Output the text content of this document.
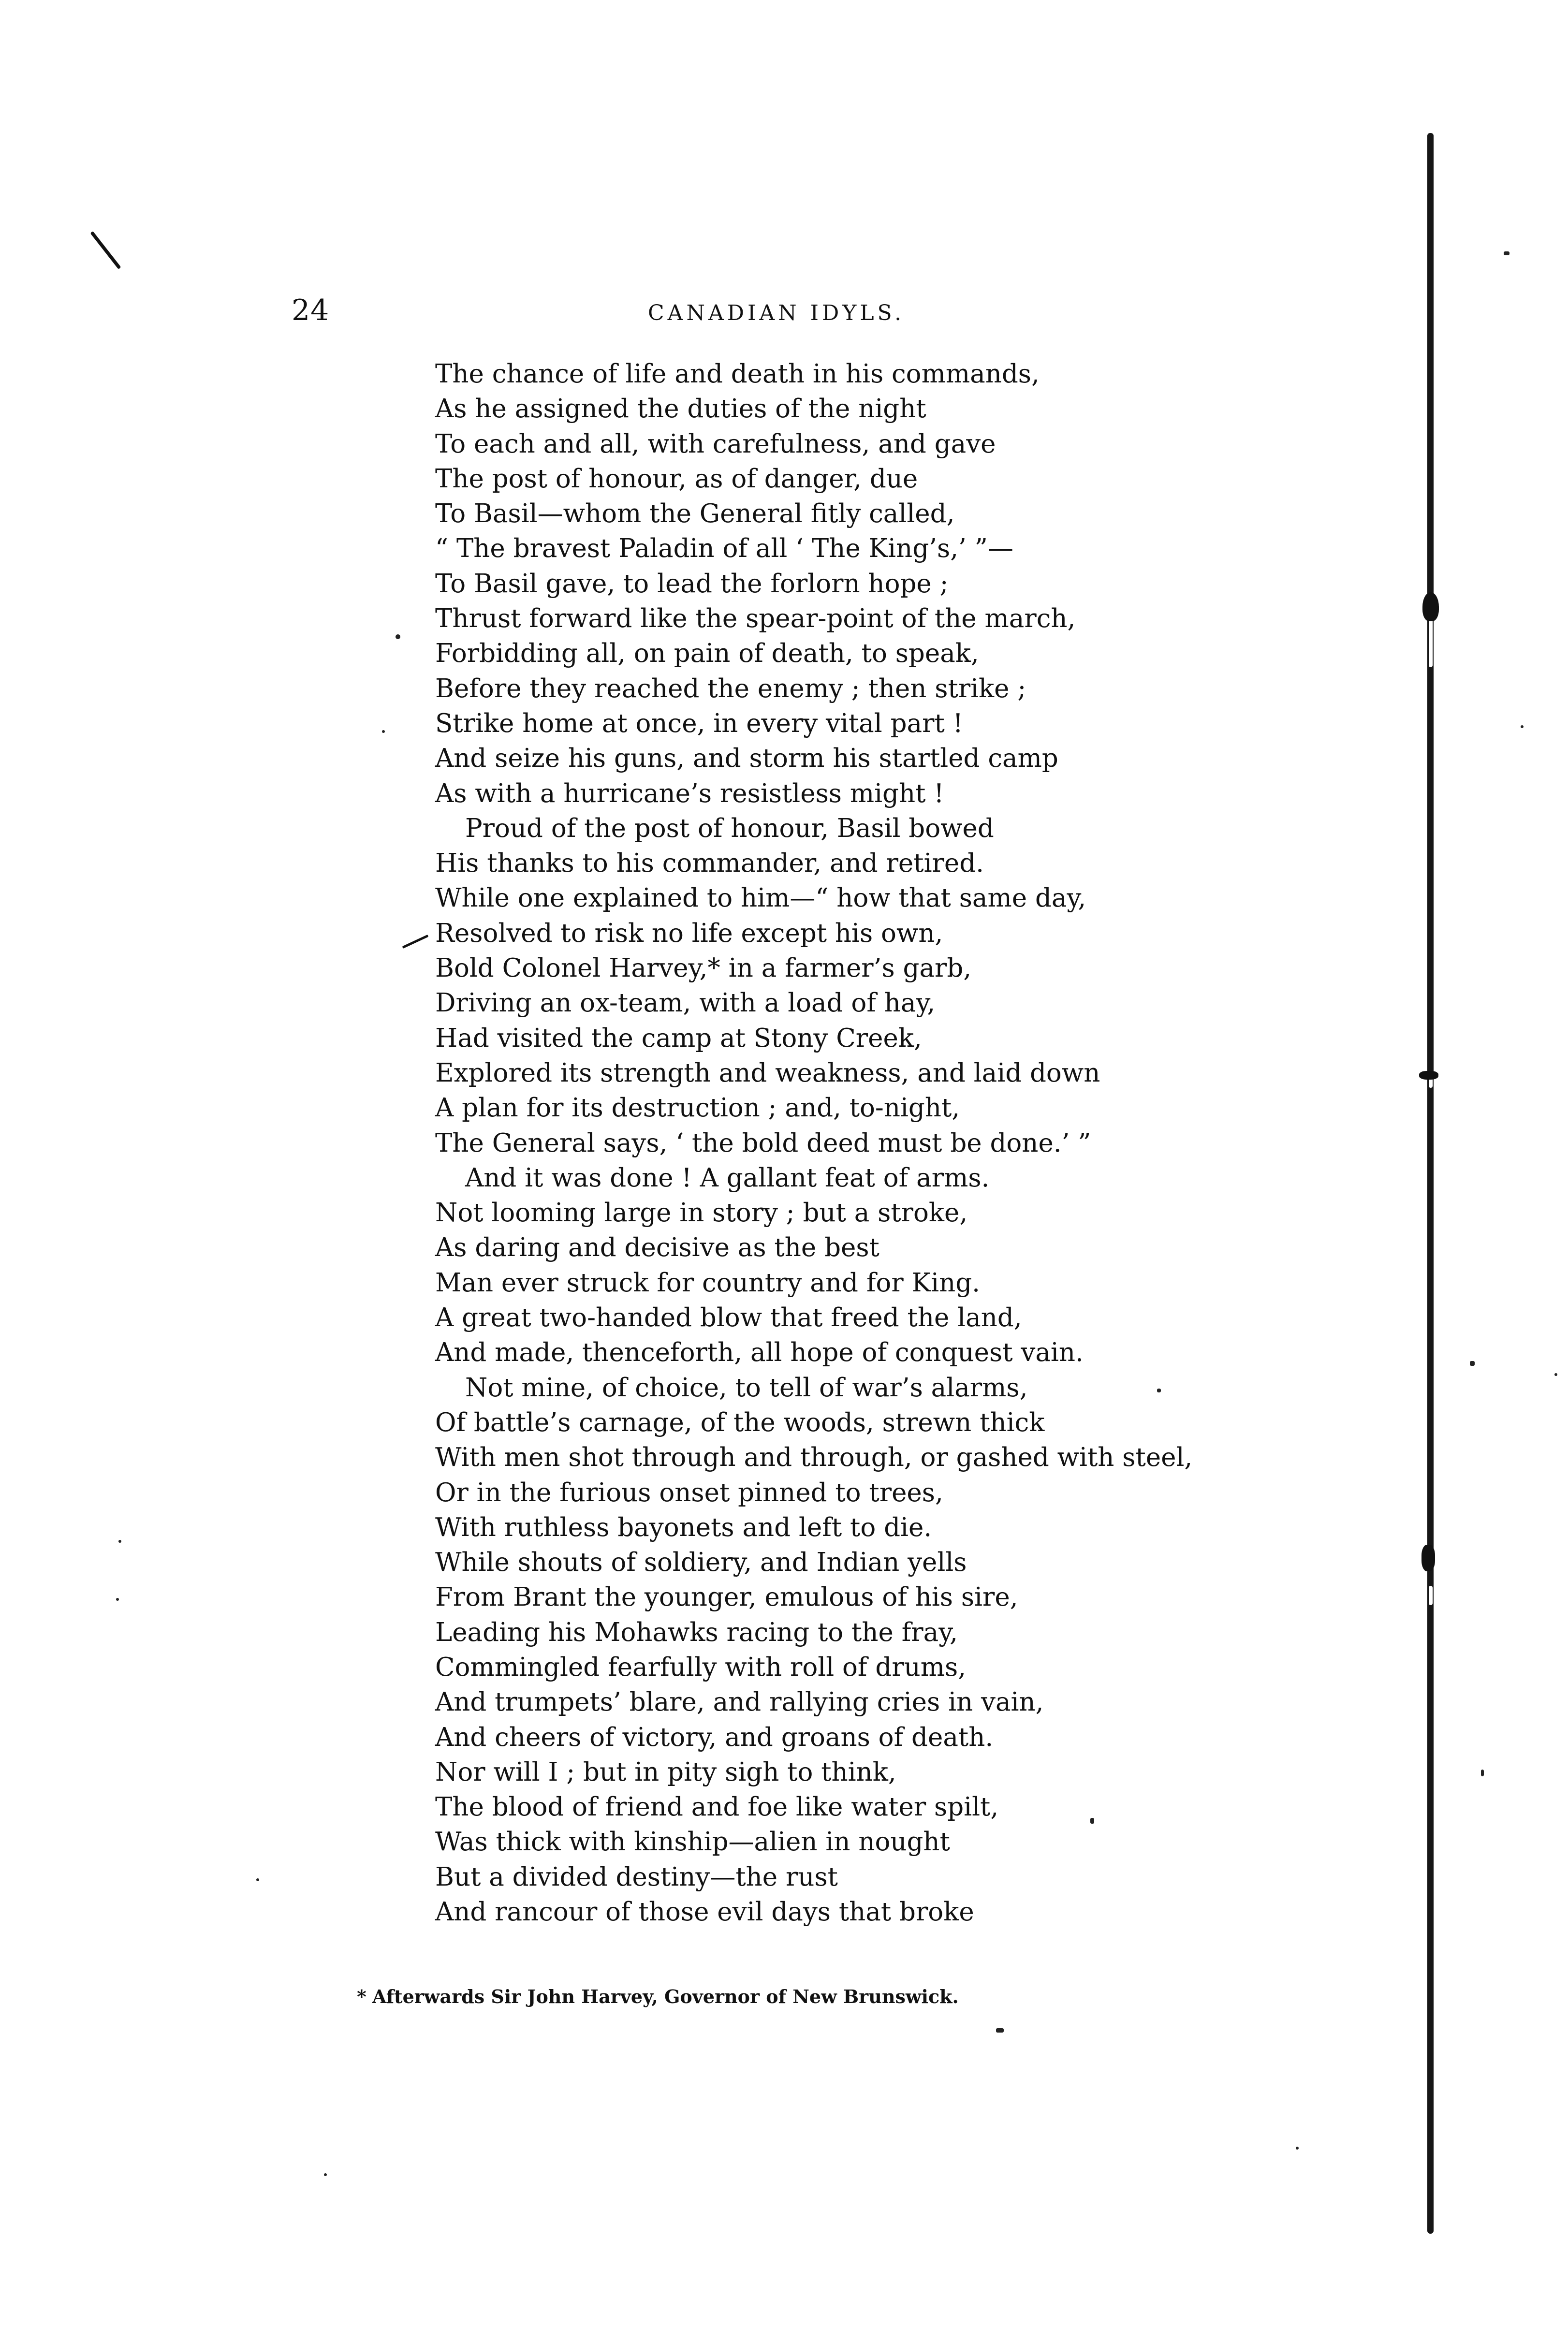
24	CANADIAN IDYLS.
The chance of life and death in his commands,
As he assigned the duties of the night
To each and all, with carefulness, and gave
The post of honour, as of danger, due
To Basil—whom the General fitly called,
“ The bravest Paladin of all ‘ The King’s,’ ”—
To Basil gave, to lead the forlorn hope ;
Thrust forward like the spear-point of the march,
Forbidding all, on pain of death, to speak,
Before they reached the enemy ; then strike ;
Strike home at once, in every vital part !
And seize his guns, and storm his startled camp
As with a hurricane’s resistless might !
Proud of the post of honour, Basil bowed
His thanks to his commander, and retired.
While one explained to him—“ how that same day,
Resolved to risk no life except his own,
Bold Colonel Harvey,* in a farmer’s garb,
Driving an ox-team, with a load of hay,
Had visited the camp at Stony Creek,
Explored its strength and weakness, and laid down
A plan for its destruction ; and, to-night,
The General says, ‘ the bold deed must be done.’ ”
And it was done ! A gallant feat of arms.
Not looming large in story ; but a stroke,
As daring and decisive as the best
Man ever struck for country and for King.
A great two-handed blow that freed the land,
And made, thenceforth, all hope of conquest vain.
Not mine, of choice, to tell of war’s alarms,
Of battle’s carnage, of the woods, strewn thick
With men shot through and through, or gashed with steel,
Or in the furious onset pinned to trees,
With ruthless bayonets and left to die.
While shouts of soldiery, and Indian yells
From Brant the younger, emulous of his sire,
Leading his Mohawks racing to the fray,
Commingled fearfully with roll of drums,
And trumpets’ blare, and rallying cries in vain,
And cheers of victory, and groans of death.
Nor will I ; but in pity sigh to think,
The blood of friend and foe like water spilt,
Was thick with kinship—alien in nought
But a divided destiny—the rust
And rancour of those evil days that broke
* Afterwards Sir John Harvey, Governor of New Brunswick.
